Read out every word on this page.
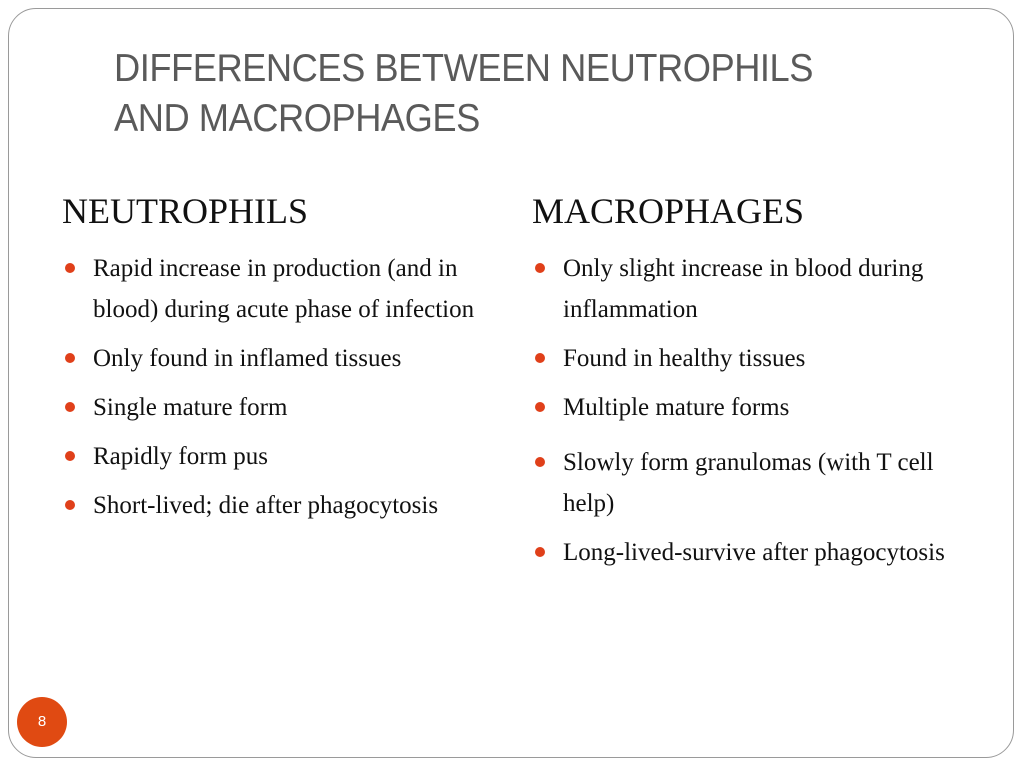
DIFFERENCES BETWEEN NEUTROPHILS
AND MACROPHAGES
NEUTROPHILS
Rapid increase in production (and in blood) during acute phase of infection
Only found in inflamed tissues
Single mature form
Rapidly form pus
Short-lived; die after phagocytosis
MACROPHAGES
Only slight increase in blood during inflammation
Found in healthy tissues
Multiple mature forms
Slowly form granulomas (with T cell help)
Long-lived-survive after phagocytosis
8
